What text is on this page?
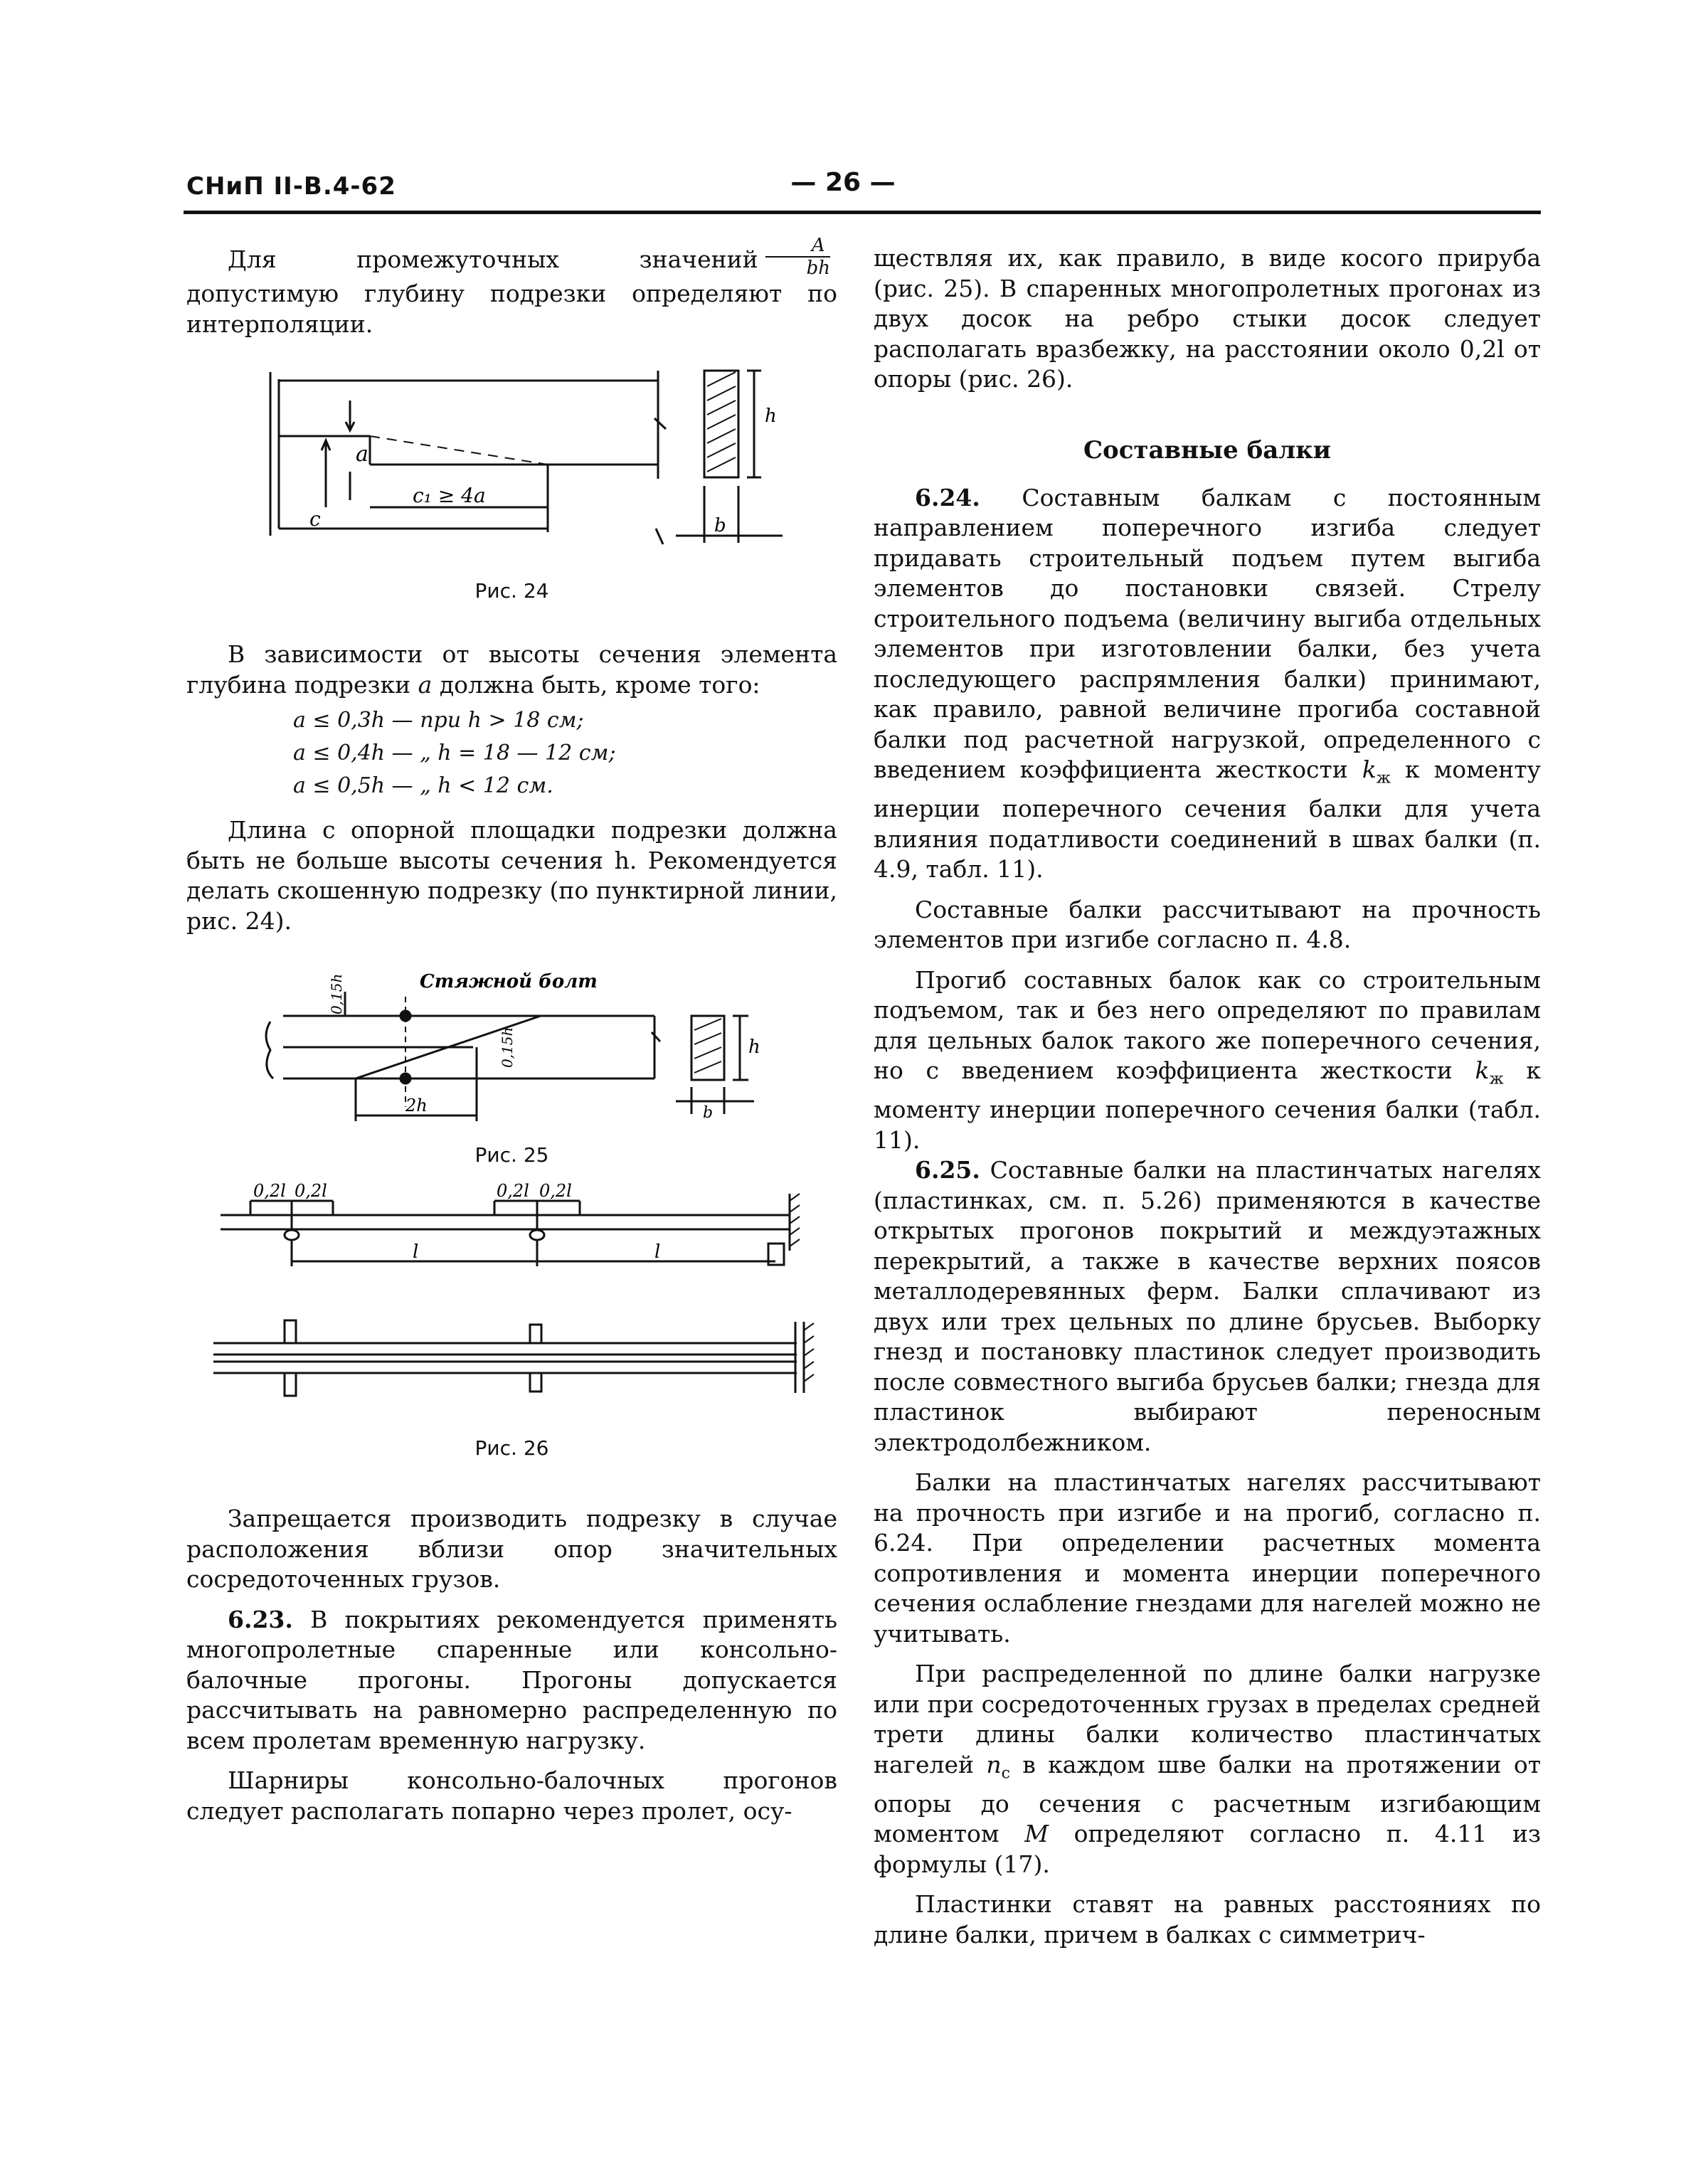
СНиП II-В.4-62	— 26 —

Для промежуточных значений $\frac{A}{bh}$
допустимую глубину подрезки определяют по интерполяции.

h
a
c
c₁ ≥ 4a
b

Рис. 24

В зависимости от высоты сечения элемента глубина подрезки a должна быть, кроме того:

a ≤ 0,3h — при h > 18 см;

a ≤ 0,4h — „ h = 18 — 12 см;

a ≤ 0,5h — „ h < 12 см.

Длина c опорной площадки подрезки должна быть не больше высоты сечения h. Рекомендуется делать скошенную подрезку (по пунктирной линии, рис. 24).

Стяжной болт
0,15h
0,15h
2h
h
b

Рис. 25

0,2l 0,2l	0,2l 0,2l
l	l

Рис. 26

Запрещается производить подрезку в случае расположения вблизи опор значительных сосредоточенных грузов.

6.23. В покрытиях рекомендуется применять многопролетные спаренные или консольно-балочные прогоны. Прогоны допускается рассчитывать на равномерно распределенную по всем пролетам временную нагрузку.

Шарниры консольно-балочных прогонов следует располагать попарно через пролет, осу-

ществляя их, как правило, в виде косого прируба (рис. 25). В спаренных многопролетных прогонах из двух досок на ребро стыки досок следует располагать вразбежку, на расстоянии около 0,2l от опоры (рис. 26).

Составные балки

6.24. Составным балкам с постоянным направлением поперечного изгиба следует придавать строительный подъем путем выгиба элементов до постановки связей. Стрелу строительного подъема (величину выгиба отдельных элементов при изготовлении балки, без учета последующего распрямления балки) принимают, как правило, равной величине прогиба составной балки под расчетной нагрузкой, определенного с введением коэффициента жесткости $k_ж$ к моменту инерции поперечного сечения балки для учета влияния податливости соединений в швах балки (п. 4.9, табл. 11).

Составные балки рассчитывают на прочность элементов при изгибе согласно п. 4.8.

Прогиб составных балок как со строительным подъемом, так и без него определяют по правилам для цельных балок такого же поперечного сечения, но с введением коэффициента жесткости $k_ж$ к моменту инерции поперечного сечения балки (табл. 11).

6.25. Составные балки на пластинчатых нагелях (пластинках, см. п. 5.26) применяются в качестве открытых прогонов покрытий и междуэтажных перекрытий, а также в качестве верхних поясов металлодеревянных ферм. Балки сплачивают из двух или трех цельных по длине брусьев. Выборку гнезд и постановку пластинок следует производить после совместного выгиба брусьев балки; гнезда для пластинок выбирают переносным электродолбежником.

Балки на пластинчатых нагелях рассчитывают на прочность при изгибе и на прогиб, согласно п. 6.24. При определении расчетных момента сопротивления и момента инерции поперечного сечения ослабление гнездами для нагелей можно не учитывать.

При распределенной по длине балки нагрузке или при сосредоточенных грузах в пределах средней трети длины балки количество пластинчатых нагелей $n_c$ в каждом шве балки на протяжении от опоры до сечения с расчетным изгибающим моментом M определяют согласно п. 4.11 из формулы (17).

Пластинки ставят на равных расстояниях по длине балки, причем в балках с симметрич-
